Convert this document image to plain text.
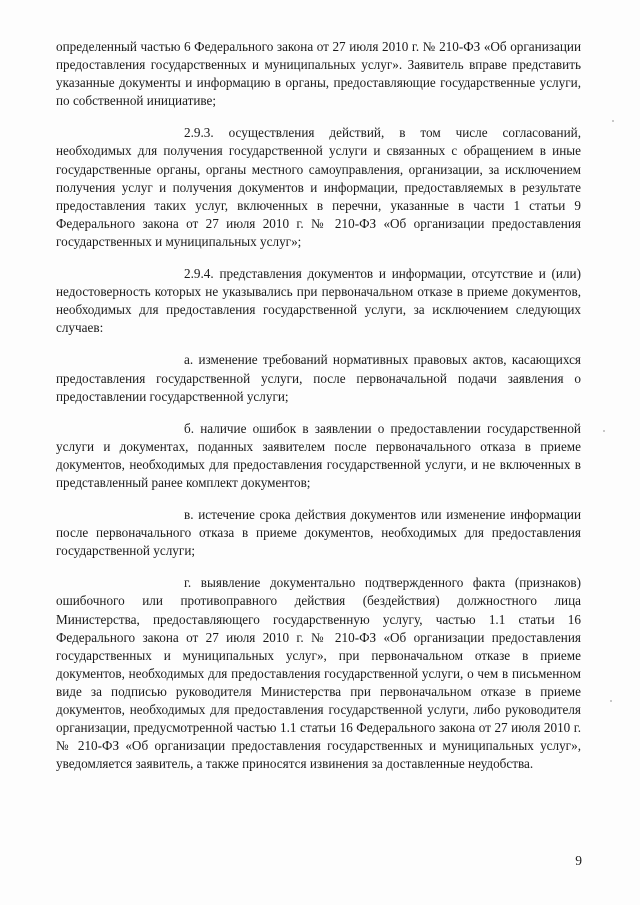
определенный частью 6 Федерального закона от 27 июля 2010 г. № 210-ФЗ «Об организации предоставления государственных и муниципальных услуг». Заявитель вправе представить указанные документы и информацию в органы, предоставляющие государственные услуги, по собственной инициативе;

2.9.3. осуществления действий, в том числе согласований, необходимых для получения государственной услуги и связанных с обращением в иные государственные органы, органы местного самоуправления, организации, за исключением получения услуг и получения документов и информации, предоставляемых в результате предоставления таких услуг, включенных в перечни, указанные в части 1 статьи 9 Федерального закона от 27 июля 2010 г. № 210-ФЗ «Об организации предоставления государственных и муниципальных услуг»;

2.9.4. представления документов и информации, отсутствие и (или) недостоверность которых не указывались при первоначальном отказе в приеме документов, необходимых для предоставления государственной услуги, за исключением следующих случаев:

а. изменение требований нормативных правовых актов, касающихся предоставления государственной услуги, после первоначальной подачи заявления о предоставлении государственной услуги;

б. наличие ошибок в заявлении о предоставлении государственной услуги и документах, поданных заявителем после первоначального отказа в приеме документов, необходимых для предоставления государственной услуги, и не включенных в представленный ранее комплект документов;

в. истечение срока действия документов или изменение информации после первоначального отказа в приеме документов, необходимых для предоставления государственной услуги;

г. выявление документально подтвержденного факта (признаков) ошибочного или противоправного действия (бездействия) должностного лица Министерства, предоставляющего государственную услугу, частью 1.1 статьи 16 Федерального закона от 27 июля 2010 г. № 210-ФЗ «Об организации предоставления государственных и муниципальных услуг», при первоначальном отказе в приеме документов, необходимых для предоставления государственной услуги, о чем в письменном виде за подписью руководителя Министерства при первоначальном отказе в приеме документов, необходимых для предоставления государственной услуги, либо руководителя организации, предусмотренной частью 1.1 статьи 16 Федерального закона от 27 июля 2010 г. № 210-ФЗ «Об организации предоставления государственных и муниципальных услуг», уведомляется заявитель, а также приносятся извинения за доставленные неудобства.

9
